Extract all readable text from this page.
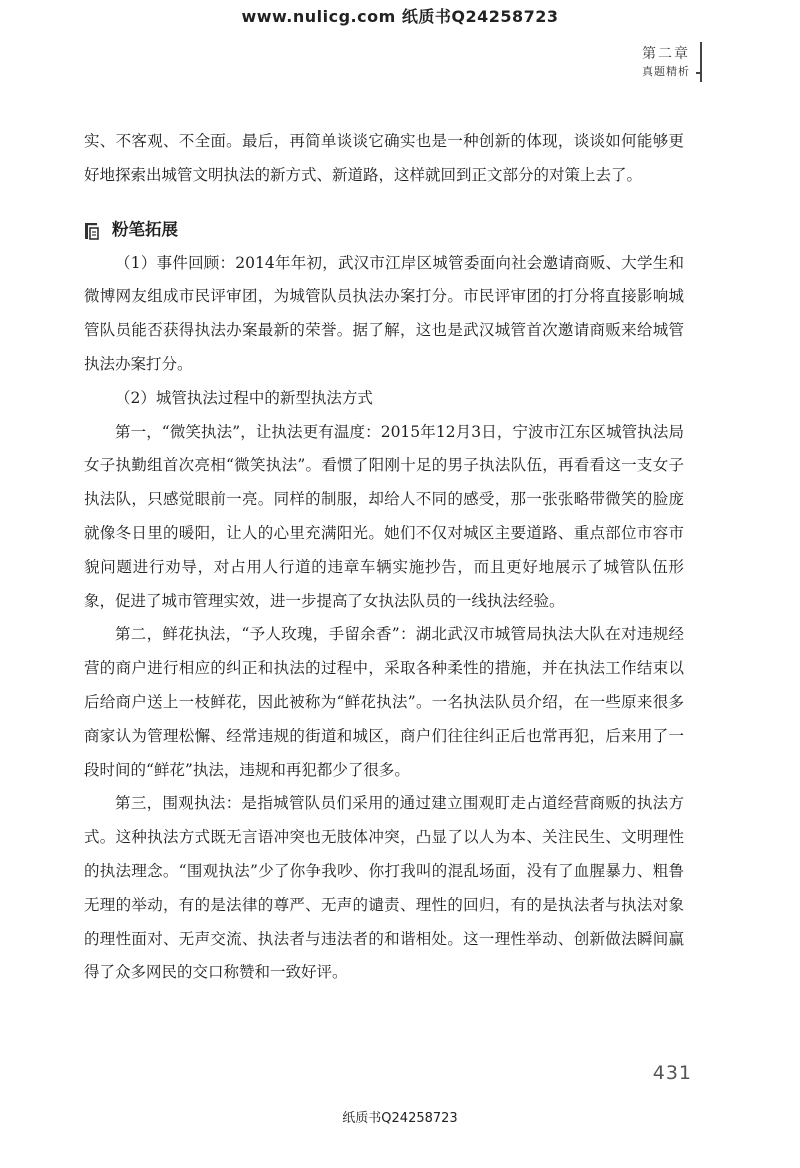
www.nulicg.com 纸质书Q24258723
第二章
真题精析

实、不客观、不全面。最后，再简单谈谈它确实也是一种创新的体现，谈谈如何能够更好地探索出城管文明执法的新方式、新道路，这样就回到正文部分的对策上去了。

粉笔拓展

（1）事件回顾：2014年年初，武汉市江岸区城管委面向社会邀请商贩、大学生和微博网友组成市民评审团，为城管队员执法办案打分。市民评审团的打分将直接影响城管队员能否获得执法办案最新的荣誉。据了解，这也是武汉城管首次邀请商贩来给城管执法办案打分。

（2）城管执法过程中的新型执法方式

第一，“微笑执法”，让执法更有温度：2015年12月3日，宁波市江东区城管执法局女子执勤组首次亮相“微笑执法”。看惯了阳刚十足的男子执法队伍，再看看这一支女子执法队，只感觉眼前一亮。同样的制服，却给人不同的感受，那一张张略带微笑的脸庞就像冬日里的暖阳，让人的心里充满阳光。她们不仅对城区主要道路、重点部位市容市貌问题进行劝导，对占用人行道的违章车辆实施抄告，而且更好地展示了城管队伍形象，促进了城市管理实效，进一步提高了女执法队员的一线执法经验。

第二，鲜花执法，“予人玫瑰，手留余香”：湖北武汉市城管局执法大队在对违规经营的商户进行相应的纠正和执法的过程中，采取各种柔性的措施，并在执法工作结束以后给商户送上一枝鲜花，因此被称为“鲜花执法”。一名执法队员介绍，在一些原来很多商家认为管理松懈、经常违规的街道和城区，商户们往往纠正后也常再犯，后来用了一段时间的“鲜花”执法，违规和再犯都少了很多。

第三，围观执法：是指城管队员们采用的通过建立围观盯走占道经营商贩的执法方式。这种执法方式既无言语冲突也无肢体冲突，凸显了以人为本、关注民生、文明理性的执法理念。“围观执法”少了你争我吵、你打我叫的混乱场面，没有了血腥暴力、粗鲁无理的举动，有的是法律的尊严、无声的谴责、理性的回归，有的是执法者与执法对象的理性面对、无声交流、执法者与违法者的和谐相处。这一理性举动、创新做法瞬间赢得了众多网民的交口称赞和一致好评。

431
纸质书Q24258723
